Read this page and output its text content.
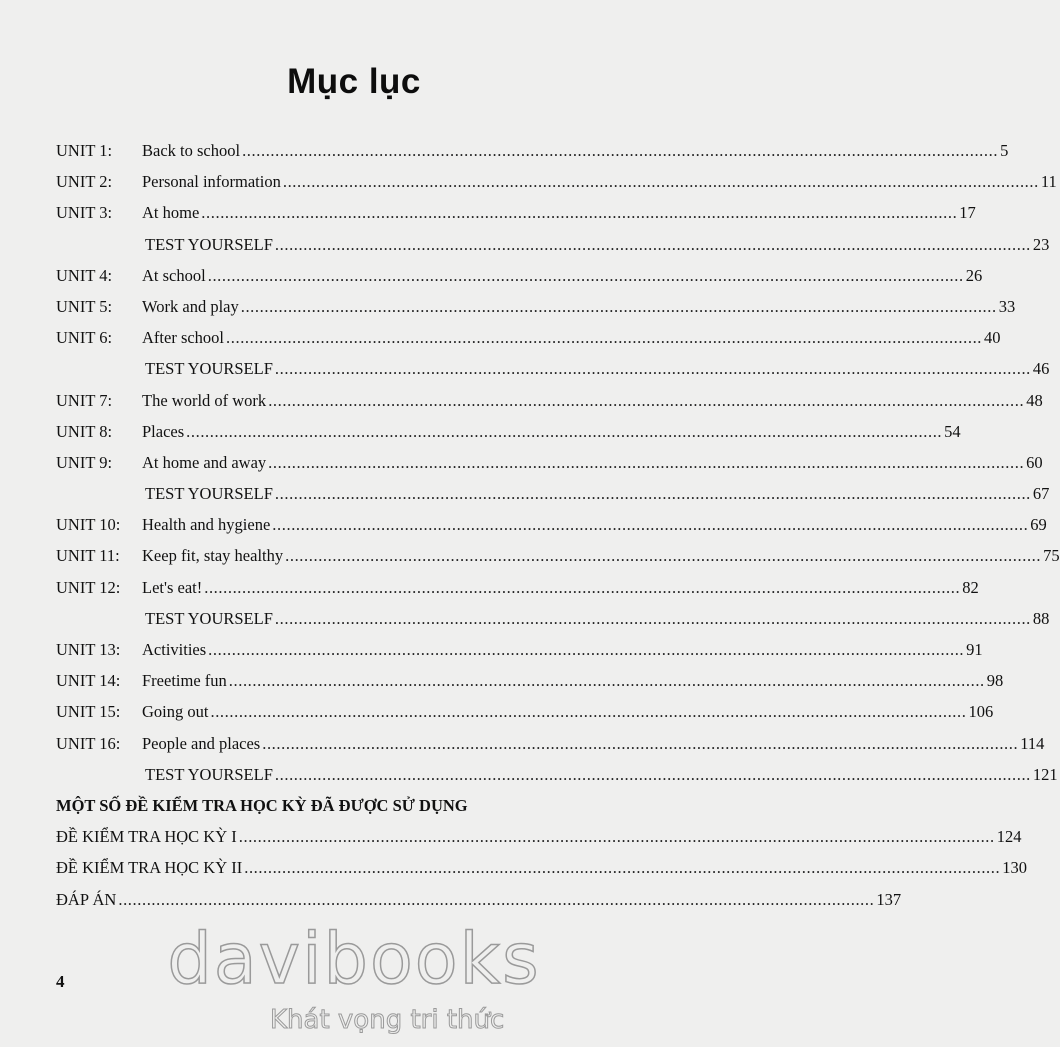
Mục lục
UNIT 1:	Back to school ................................................................................................................................................................ 5
UNIT 2:	Personal information ................................................................................................................................................................ 11
UNIT 3:	At home ................................................................................................................................................................ 17
TEST YOURSELF ................................................................................................................................................................ 23
UNIT 4:	At school ................................................................................................................................................................ 26
UNIT 5:	Work and play ................................................................................................................................................................ 33
UNIT 6:	After school ................................................................................................................................................................ 40
TEST YOURSELF ................................................................................................................................................................ 46
UNIT 7:	The world of work ................................................................................................................................................................ 48
UNIT 8:	Places ................................................................................................................................................................ 54
UNIT 9:	At home and away ................................................................................................................................................................ 60
TEST YOURSELF ................................................................................................................................................................ 67
UNIT 10:	Health and hygiene ................................................................................................................................................................ 69
UNIT 11:	Keep fit, stay healthy ................................................................................................................................................................ 75
UNIT 12:	Let's eat! ................................................................................................................................................................ 82
TEST YOURSELF ................................................................................................................................................................ 88
UNIT 13:	Activities ................................................................................................................................................................ 91
UNIT 14:	Freetime fun ................................................................................................................................................................ 98
UNIT 15:	Going out ................................................................................................................................................................ 106
UNIT 16:	People and places ................................................................................................................................................................ 114
TEST YOURSELF ................................................................................................................................................................ 121
MỘT SỐ ĐỀ KIỂM TRA HỌC KỲ ĐÃ ĐƯỢC SỬ DỤNG
ĐỀ KIỂM TRA HỌC KỲ I ................................................................................................................................................................ 124
ĐỀ KIỂM TRA HỌC KỲ II ................................................................................................................................................................ 130
ĐÁP ÁN ................................................................................................................................................................ 137
4	davibooks
Khát vọng tri thức
